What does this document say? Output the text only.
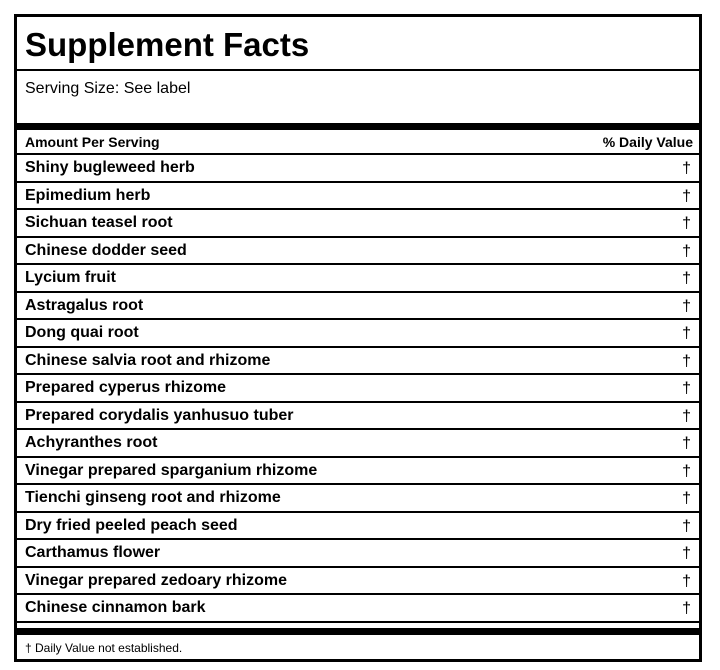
Supplement Facts
Serving Size: See label
Amount Per Serving	% Daily Value
Shiny bugleweed herb	†
Epimedium herb	†
Sichuan teasel root	†
Chinese dodder seed	†
Lycium fruit	†
Astragalus root	†
Dong quai root	†
Chinese salvia root and rhizome	†
Prepared cyperus rhizome	†
Prepared corydalis yanhusuo tuber	†
Achyranthes root	†
Vinegar prepared sparganium rhizome	†
Tienchi ginseng root and rhizome	†
Dry fried peeled peach seed	†
Carthamus flower	†
Vinegar prepared zedoary rhizome	†
Chinese cinnamon bark	†
† Daily Value not established.
